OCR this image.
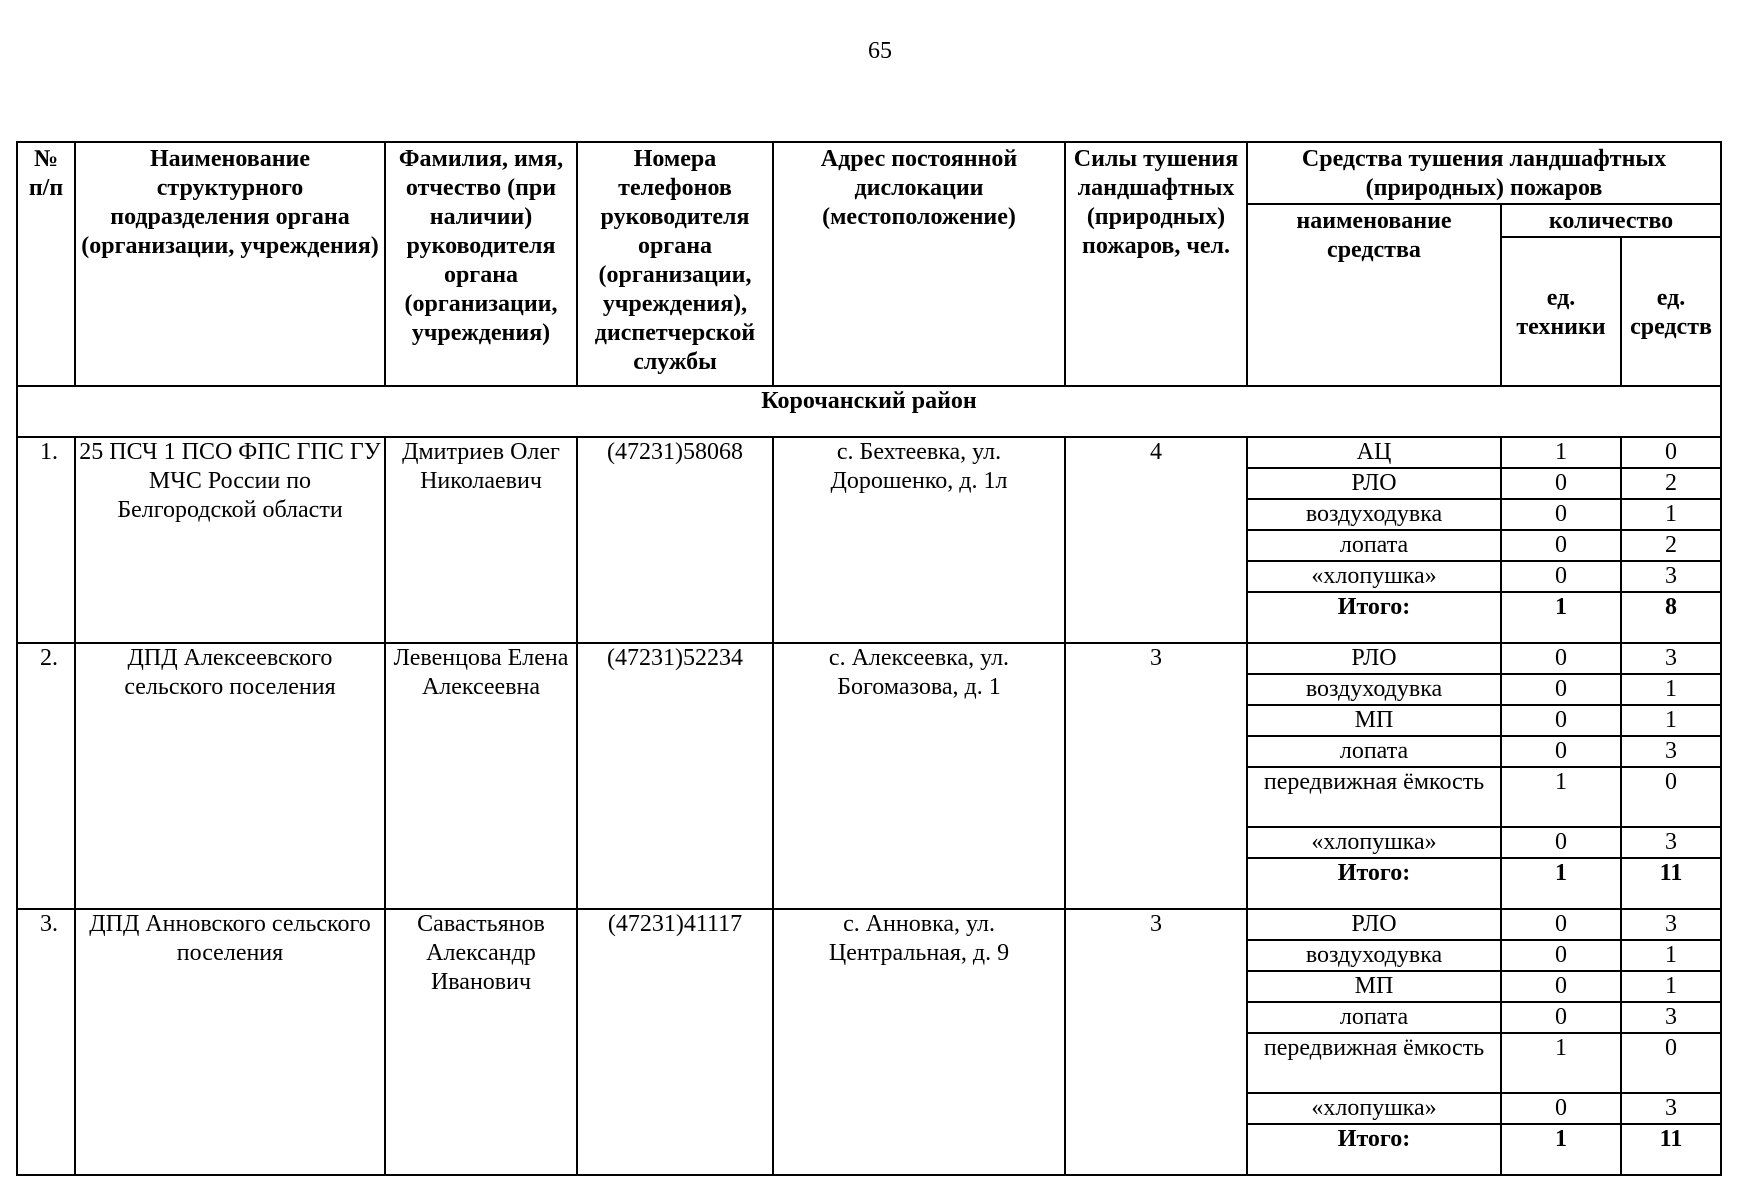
65
№ п/п	Наименование структурного подразделения органа (организации, учреждения)	Фамилия, имя, отчество (при наличии) руководителя органа (организации, учреждения)	Номера телефонов руководителя органа (организации, учреждения), диспетчерской службы	Адрес постоянной дислокации (местоположение)	Силы тушения ландшафтных (природных) пожаров, чел.	Средства тушения ландшафтных (природных) пожаров		
						наименование средства	количество	
							ед. техники	ед. средств
Корочанский район								
1.	25 ПСЧ 1 ПСО ФПС ГПС ГУ МЧС России по Белгородской области	Дмитриев Олег Николаевич	(47231)58068	с. Бехтеевка, ул. Дорошенко, д. 1л	4	АЦ	1	0
						РЛО	0	2
						воздуходувка	0	1
						лопата	0	2
						«хлопушка»	0	3
						Итого:	1	8
2.	ДПД Алексеевского сельского поселения	Левенцова Елена Алексеевна	(47231)52234	с. Алексеевка, ул. Богомазова, д. 1	3	РЛО	0	3
						воздуходувка	0	1
						МП	0	1
						лопата	0	3
						передвижная ёмкость	1	0
						«хлопушка»	0	3
						Итого:	1	11
3.	ДПД Анновского сельского поселения	Савастьянов Александр Иванович	(47231)41117	с. Анновка, ул. Центральная, д. 9	3	РЛО	0	3
						воздуходувка	0	1
						МП	0	1
						лопата	0	3
						передвижная ёмкость	1	0
						«хлопушка»	0	3
						Итого:	1	11
